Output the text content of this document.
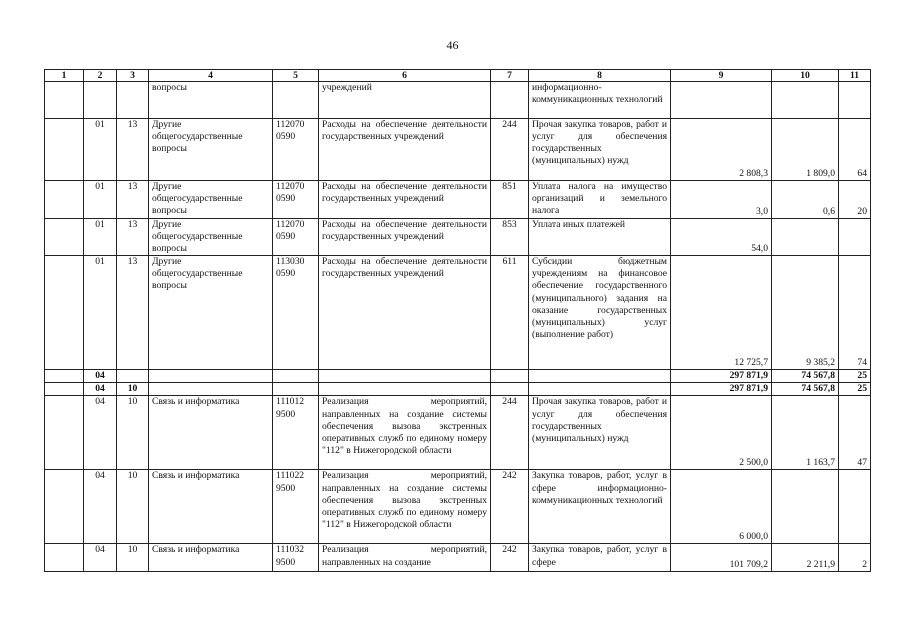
46
1	2	3	4	5	6	7	8	9	10	11
			вопросы		учреждений		информационно-коммуникационных технологий			
	01	13	Другие общегосударственные вопросы	112070 0590	Расходы на обеспечение деятельности государственных учреждений	244	Прочая закупка товаров, работ и услуг для обеспечения государственных (муниципальных) нужд	2 808,3	1 809,0	64
	01	13	Другие общегосударственные вопросы	112070 0590	Расходы на обеспечение деятельности государственных учреждений	851	Уплата налога на имущество организаций и земельного налога	3,0	0,6	20
	01	13	Другие общегосударственные вопросы	112070 0590	Расходы на обеспечение деятельности государственных учреждений	853	Уплата иных платежей	54,0		
	01	13	Другие общегосударственные вопросы	113030 0590	Расходы на обеспечение деятельности государственных учреждений	611	Субсидии бюджетным учреждениям на финансовое обеспечение государственного (муниципального) задания на оказание государственных (муниципальных) услуг (выполнение работ)	12 725,7	9 385,2	74
	04							297 871,9	74 567,8	25
	04	10						297 871,9	74 567,8	25
	04	10	Связь и информатика	111012 9500	Реализация мероприятий, направленных на создание системы обеспечения вызова экстренных оперативных служб по единому номеру "112" в Нижегородской области	244	Прочая закупка товаров, работ и услуг для обеспечения государственных (муниципальных) нужд	2 500,0	1 163,7	47
	04	10	Связь и информатика	111022 9500	Реализация мероприятий, направленных на создание системы обеспечения вызова экстренных оперативных служб по единому номеру "112" в Нижегородской области	242	Закупка товаров, работ, услуг в сфере информационно-коммуникационных технологий	6 000,0		
	04	10	Связь и информатика	111032 9500	Реализация мероприятий, направленных на создание	242	Закупка товаров, работ, услуг в сфере	101 709,2	2 211,9	2
